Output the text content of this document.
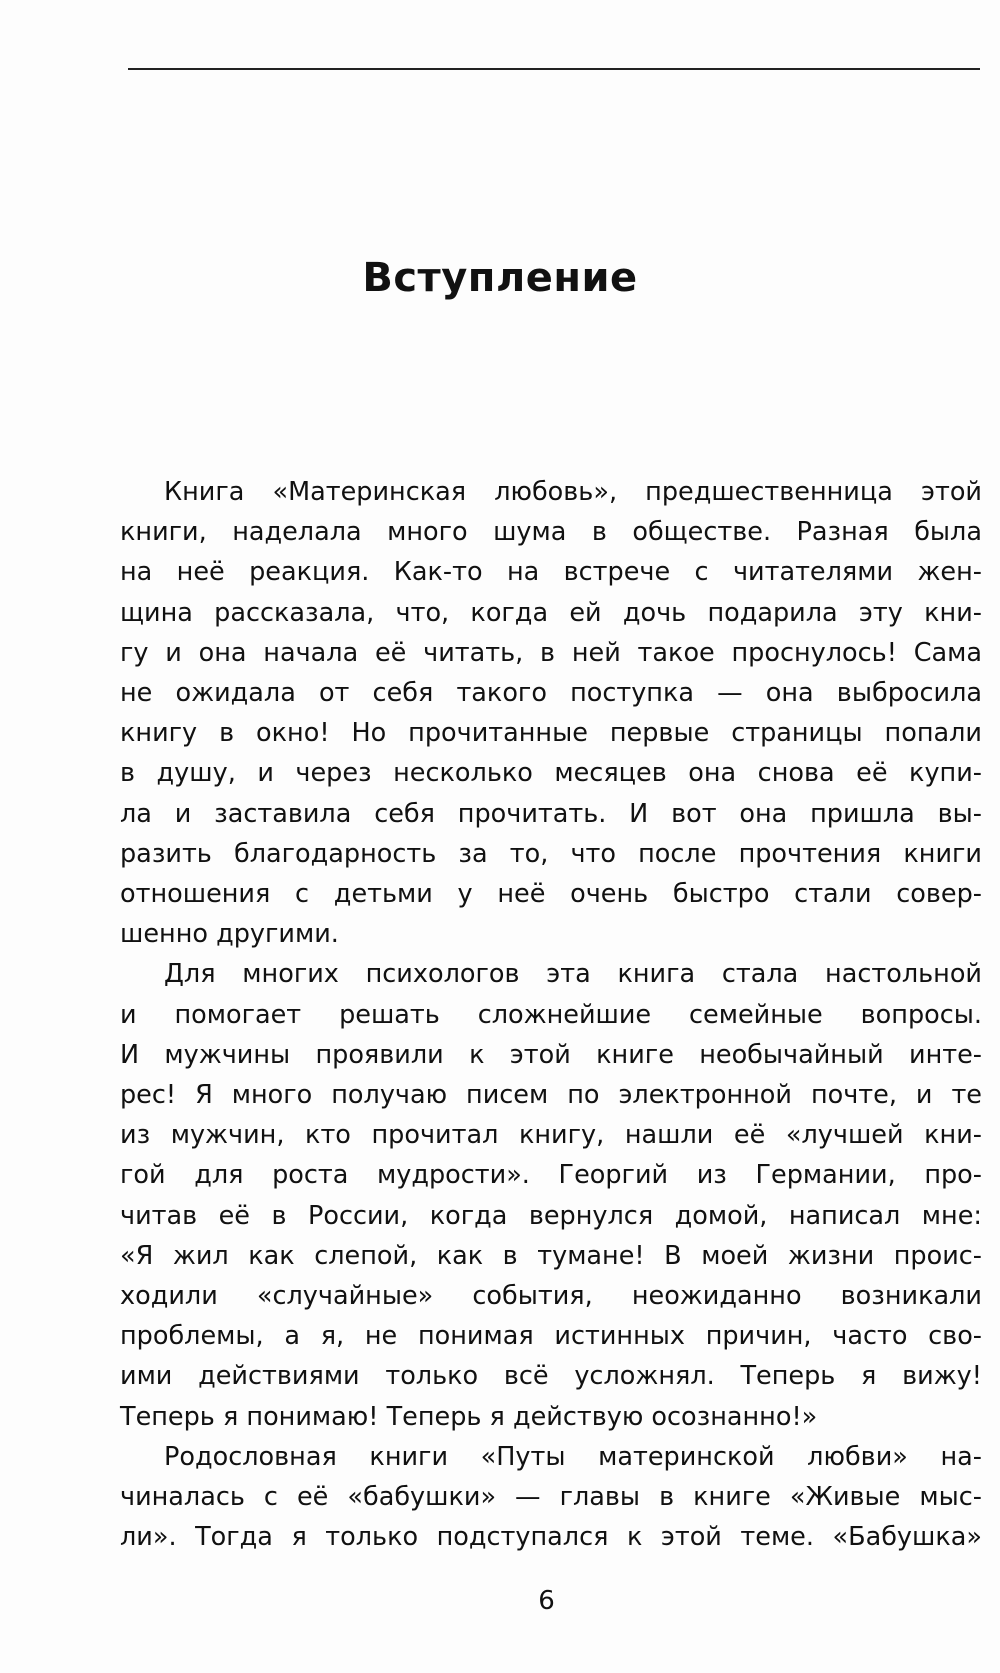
Вступление
Книга «Материнская любовь», предшественница этой
книги, наделала много шума в обществе. Разная была
на неё реакция. Как-то на встрече с читателями жен-
щина рассказала, что, когда ей дочь подарила эту кни-
гу и она начала её читать, в ней такое проснулось! Сама
не ожидала от себя такого поступка — она выбросила
книгу в окно! Но прочитанные первые страницы попали
в душу, и через несколько месяцев она снова её купи-
ла и заставила себя прочитать. И вот она пришла вы-
разить благодарность за то, что после прочтения книги
отношения с детьми у неё очень быстро стали совер-
шенно другими.
Для многих психологов эта книга стала настольной
и помогает решать сложнейшие семейные вопросы.
И мужчины проявили к этой книге необычайный инте-
рес! Я много получаю писем по электронной почте, и те
из мужчин, кто прочитал книгу, нашли её «лучшей кни-
гой для роста мудрости». Георгий из Германии, про-
читав её в России, когда вернулся домой, написал мне:
«Я жил как слепой, как в тумане! В моей жизни проис-
ходили «случайные» события, неожиданно возникали
проблемы, а я, не понимая истинных причин, часто сво-
ими действиями только всё усложнял. Теперь я вижу!
Теперь я понимаю! Теперь я действую осознанно!»
Родословная книги «Путы материнской любви» на-
чиналась с её «бабушки» — главы в книге «Живые мыс-
ли». Тогда я только подступался к этой теме. «Бабушка»

6
